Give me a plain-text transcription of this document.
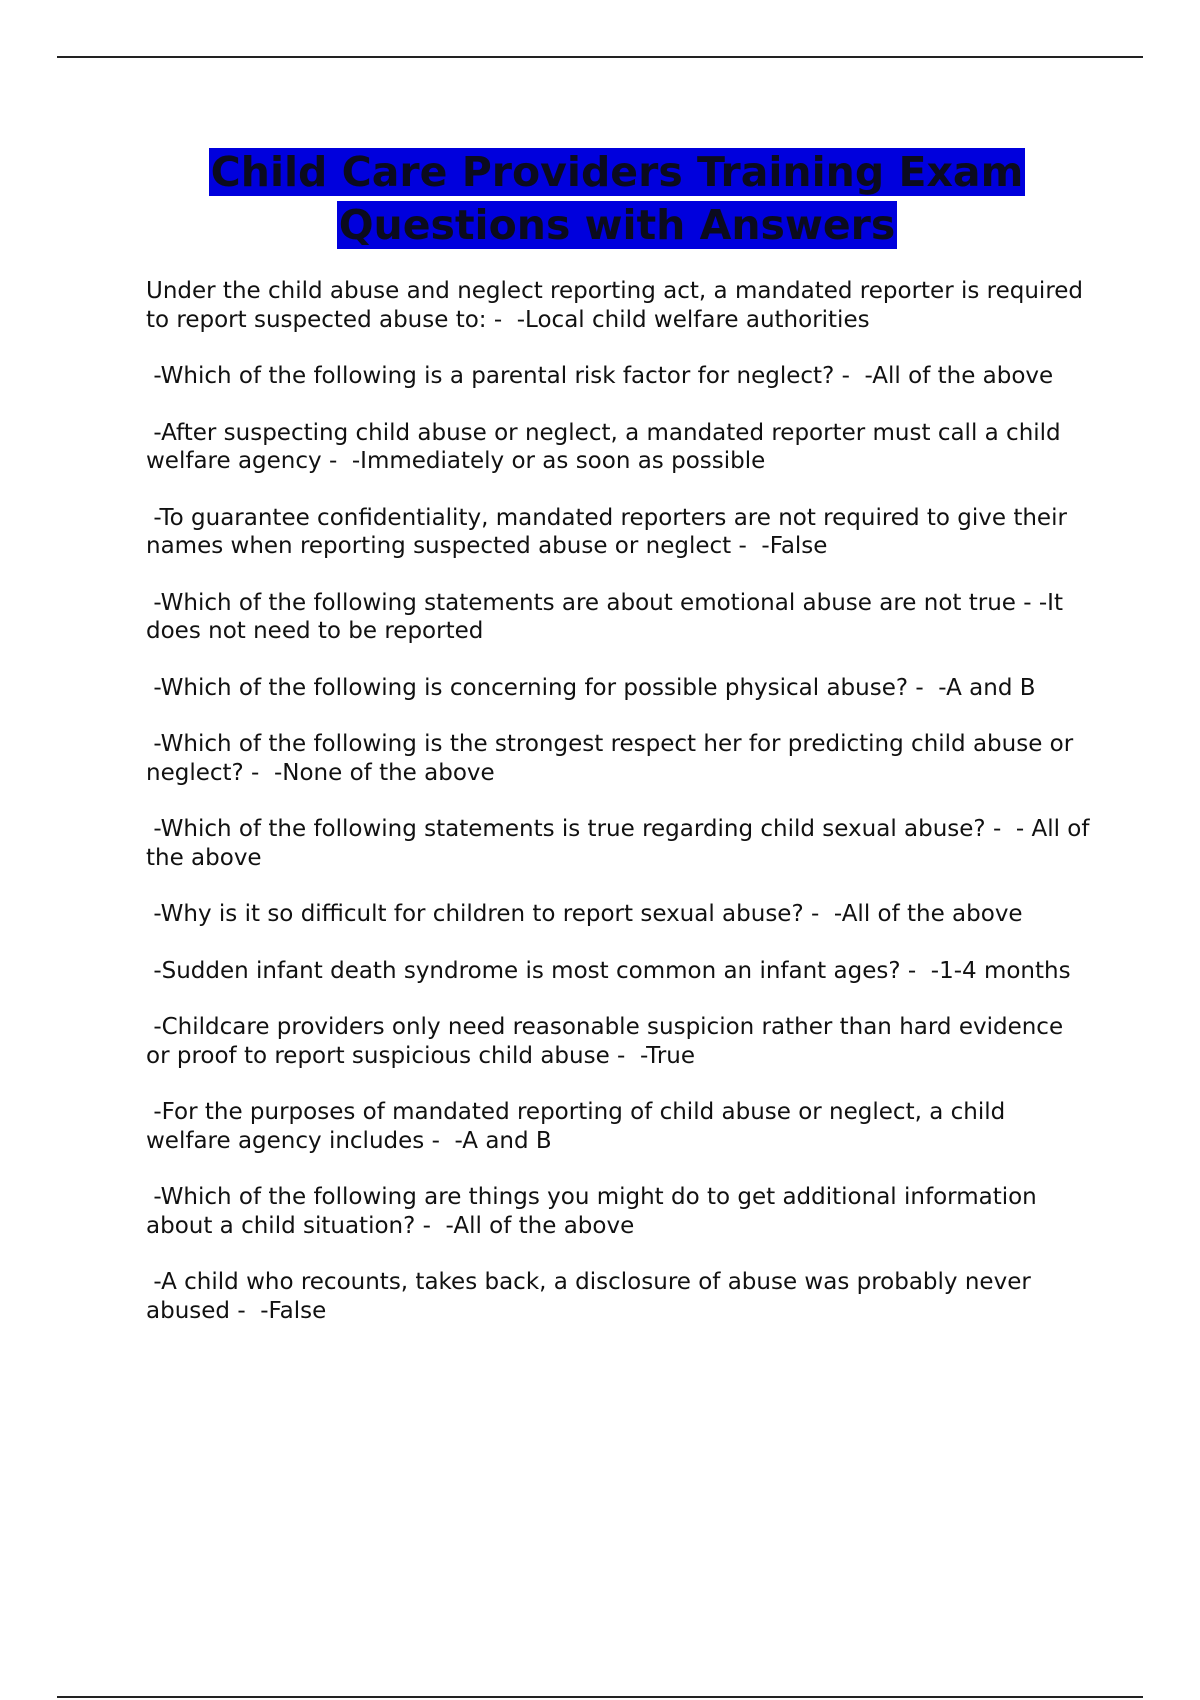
Child Care Providers Training Exam
Questions with Answers

Under the child abuse and neglect reporting act, a mandated reporter is required to report suspected abuse to: -  -Local child welfare authorities

-Which of the following is a parental risk factor for neglect? -  -All of the above

-After suspecting child abuse or neglect, a mandated reporter must call a child welfare agency -  -Immediately or as soon as possible

-To guarantee confidentiality, mandated reporters are not required to give their names when reporting suspected abuse or neglect -  -False

-Which of the following statements are about emotional abuse are not true - -It does not need to be reported

-Which of the following is concerning for possible physical abuse? -  -A and B

-Which of the following is the strongest respect her for predicting child abuse or neglect? -  -None of the above

-Which of the following statements is true regarding child sexual abuse? -  - All of the above

-Why is it so difficult for children to report sexual abuse? -  -All of the above

-Sudden infant death syndrome is most common an infant ages? -  -1-4 months

-Childcare providers only need reasonable suspicion rather than hard evidence or proof to report suspicious child abuse -  -True

-For the purposes of mandated reporting of child abuse or neglect, a child welfare agency includes -  -A and B

-Which of the following are things you might do to get additional information about a child situation? -  -All of the above

-A child who recounts, takes back, a disclosure of abuse was probably never abused -  -False
